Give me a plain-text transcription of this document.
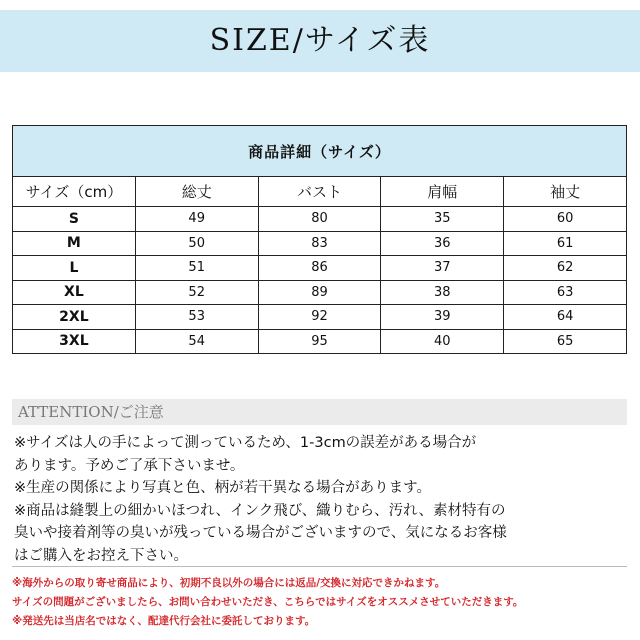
SIZE/サイズ表
商品詳細（サイズ）				
サイズ（cm）	総丈	バスト	肩幅	袖丈
S	49	80	35	60
M	50	83	36	61
L	51	86	37	62
XL	52	89	38	63
2XL	53	92	39	64
3XL	54	95	40	65
ATTENTION/ご注意
※サイズは人の手によって測っているため、1-3cmの誤差がある場合が
あります。予めご了承下さいませ。
※生産の関係により写真と色、柄が若干異なる場合があります。
※商品は縫製上の細かいほつれ、インク飛び、織りむら、汚れ、素材特有の
臭いや接着剤等の臭いが残っている場合がございますので、気になるお客様
はご購入をお控え下さい。
※海外からの取り寄せ商品により、初期不良以外の場合には返品/交換に対応できかねます。
サイズの問題がございましたら、お問い合わせいただき、こちらではサイズをオススメさせていただきます。
※発送先は当店名ではなく、配達代行会社に委託しております。
